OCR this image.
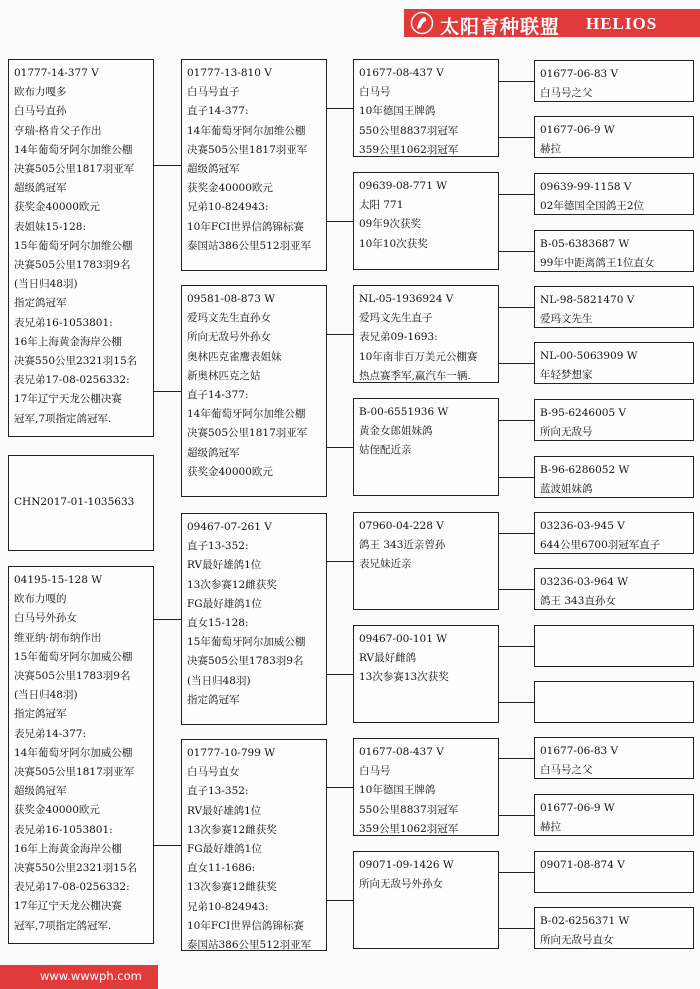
太阳育种联盟 HELIOS
01777-14-377 V
欧布力嘎多
白马号直孙
亨瑞-格肯父子作出
14年葡萄牙阿尔加维公棚
决赛505公里1817羽亚军
超级鸽冠军
获奖金40000欧元
表姐妹15-128:
15年葡萄牙阿尔加维公棚
决赛505公里1783羽9名
(当日归48羽)
指定鸽冠军
表兄弟16-1053801:
16年上海黄金海岸公棚
决赛550公里2321羽15名
表兄弟17-08-0256332:
17年辽宁天龙公棚决赛
冠军,7项指定鸽冠军.
CHN2017-01-1035633
04195-15-128 W
欧布力嘎的
白马号外孙女
维亚纳·胡布纳作出
15年葡萄牙阿尔加威公棚
决赛505公里1783羽9名
(当日归48羽)
指定鸽冠军
表兄弟14-377:
14年葡萄牙阿尔加威公棚
决赛505公里1817羽亚军
超级鸽冠军
获奖金40000欧元
表兄弟16-1053801:
16年上海黄金海岸公棚
决赛550公里2321羽15名
表兄弟17-08-0256332:
17年辽宁天龙公棚决赛
冠军,7项指定鸽冠军.
01777-13-810 V
白马号直子
直子14-377:
14年葡萄牙阿尔加维公棚
决赛505公里1817羽亚军
超级鸽冠军
获奖金40000欧元
兄弟10-824943:
10年FCI世界信鸽锦标赛
泰国站386公里512羽亚军
09581-08-873 W
爱玛文先生直孙女
所向无敌号外孙女
奥林匹克雀鹰表姐妹
新奥林匹克之姑
直子14-377:
14年葡萄牙阿尔加维公棚
决赛505公里1817羽亚军
超级鸽冠军
获奖金40000欧元
09467-07-261 V
直子13-352:
RV最好雄鸽1位
13次参赛12雌获奖
FG最好雄鸽1位
直女15-128:
15年葡萄牙阿尔加威公棚
决赛505公里1783羽9名
(当日归48羽)
指定鸽冠军
01777-10-799 W
白马号直女
直子13-352:
RV最好雄鸽1位
13次参赛12雌获奖
FG最好雄鸽1位
直女11-1686:
13次参赛12雌获奖
兄弟10-824943:
10年FCI世界信鸽锦标赛
泰国站386公里512羽亚军
01677-08-437 V
白马号
10年德国王牌鸽
550公里8837羽冠军
359公里1062羽冠军
09639-08-771 W
太阳 771
09年9次获奖
10年10次获奖
NL-05-1936924 V
爱玛文先生直子
表兄弟09-1693:
10年南非百万美元公棚赛
热点赛季军,赢汽车一辆.
B-00-6551936 W
黄金女郎姐妹鸽
姑侄配近亲
07960-04-228 V
鸽王 343近亲曾孙
表兄妹近亲
09467-00-101 W
RV最好雌鸽
13次参赛13次获奖
01677-08-437 V
白马号
10年德国王牌鸽
550公里8837羽冠军
359公里1062羽冠军
09071-09-1426 W
所向无敌号外孙女
01677-06-83 V
白马号之父
01677-06-9 W
赫拉
09639-99-1158 V
02年德国全国鸽王2位
B-05-6383687 W
99年中距离鸽王1位直女
NL-98-5821470 V
爱玛文先生
NL-00-5063909 W
年轻梦想家
B-95-6246005 V
所向无敌号
B-96-6286052 W
蓝波姐妹鸽
03236-03-945 V
644公里6700羽冠军直子
03236-03-964 W
鸽王 343直孙女
01677-06-83 V
白马号之父
01677-06-9 W
赫拉
09071-08-874 V
B-02-6256371 W
所向无敌号直女
www.wwwph.com
